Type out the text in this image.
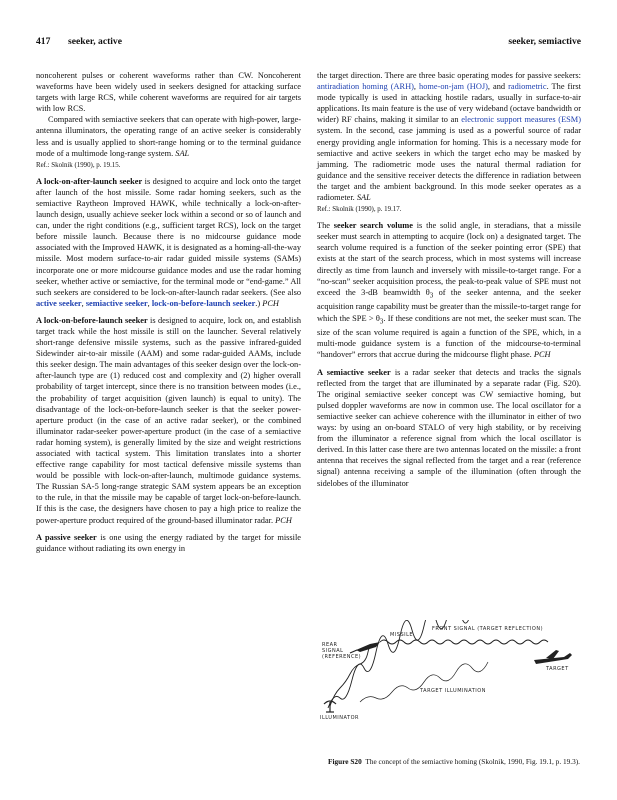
417 seeker, active	seeker, semiactive

noncoherent pulses or coherent waveforms rather than CW. Noncoherent waveforms have been widely used in seekers designed for attacking surface targets with large RCS, while coherent waveforms are required for air targets with low RCS.

Compared with semiactive seekers that can operate with high-power, large-antenna illuminators, the operating range of an active seeker is considerably less and is usually applied to short-range homing or to the terminal guidance mode of a multimode long-range system. SAL

Ref.: Skolnik (1990), p. 19.15.

A lock-on-after-launch seeker is designed to acquire and lock onto the target after launch of the host missile. Some radar homing seekers, such as the semiactive Raytheon Improved HAWK, while technically a lock-on-after-launch design, usually achieve seeker lock within a second or so of launch and can, under the right conditions (e.g., sufficient target RCS), lock on the target before missile launch. Because there is no midcourse guidance mode associated with the Improved HAWK, it is designated as a homing-all-the-way missile. Most modern surface-to-air radar guided missile systems (SAMs) incorporate one or more midcourse guidance modes and use the radar homing seeker, whether active or semiactive, for the terminal mode or “end-game.” All such seekers are considered to be lock-on-after-launch radar seekers. (See also active seeker, semiactive seeker, lock-on-before-launch seeker.) PCH

A lock-on-before-launch seeker is designed to acquire, lock on, and establish target track while the host missile is still on the launcher. Several relatively short-range defensive missile systems, such as the passive infrared-guided Sidewinder air-to-air missile (AAM) and some radar-guided AAMs, include this seeker design. The main advantages of this seeker design over the lock-on-after-launch type are (1) reduced cost and complexity and (2) higher overall probability of target intercept, since there is no transition between modes (i.e., the probability of target acquisition (given launch) is equal to unity). The disadvantage of the lock-on-before-launch seeker is that the seeker power-aperture product (in the case of an active radar seeker), or the combined illuminator radar-seeker power-aperture product (in the case of a semiactive radar homing system), is generally limited by the size and weight restrictions associated with tactical system. This limitation translates into a shorter effective range capability for most tactical defensive missile systems than would be possible with lock-on-after-launch, multimode guidance systems. The Russian SA-5 long-range strategic SAM system appears be an exception to the rule, in that the missile may be capable of target lock-on-before-launch. If this is the case, the designers have chosen to pay a high price to realize the power-aperture product required of the ground-based illuminator radar. PCH

A passive seeker is one using the energy radiated by the target for missile guidance without radiating its own energy in

the target direction. There are three basic operating modes for passive seekers: antiradiation homing (ARH), home-on-jam (HOJ), and radiometric. The first mode typically is used in attacking hostile radars, usually in surface-to-air applications. Its main feature is the use of very wideband (octave bandwidth or wider) RF chains, making it similar to an electronic support measures (ESM) system. In the second, case jamming is used as a powerful source of radar energy providing angle information for homing. This is a necessary mode for semiactive and active seekers in which the target echo may be masked by jamming. The radiometric mode uses the natural thermal radiation for guidance and the sensitive receiver detects the difference in radiation between the target and the ambient background. In this mode seeker operates as a radiometer. SAL

Ref.: Skolnik (1990), p. 19.17.

The seeker search volume is the solid angle, in steradians, that a missile seeker must search in attempting to acquire (lock on) a designated target. The search volume required is a function of the seeker pointing error (SPE) that exists at the start of the search process, which in most systems will increase directly as time from launch and inversely with missile-to-target range. For a “no-scan” seeker acquisition process, the peak-to-peak value of SPE must not exceed the 3-dB beamwidth $\theta_3$ of the seeker antenna, and the seeker acquisition range capability must be greater than the missile-to-target range for which the SPE > $\theta_3$. If these conditions are not met, the seeker must scan. The size of the scan volume required is again a function of the SPE, which, in a multi-mode guidance system is a function of the midcourse-to-terminal “handover” errors that accrue during the midcourse flight phase. PCH

A semiactive seeker is a radar seeker that detects and tracks the signals reflected from the target that are illuminated by a separate radar (Fig. S20). The original semiactive seeker concept was CW semiactive homing, but pulsed doppler waveforms are now in common use. The local oscillator for a semiactive seeker can achieve coherence with the illuminator in either of two ways: by using an on-board STALO of very high stability, or by receiving from the illuminator a reference signal from which the local oscillator is derived. In this latter case there are two antennas located on the missile: a front antenna that receives the signal reflected from the target and a rear (reference signal) antenna receiving a sample of the illumination (often through the sidelobes of the illuminator

FRONT SIGNAL (TARGET REFLECTION)
MISSILE
REAR
SIGNAL
(REFERENCE)
TARGET
TARGET ILLUMINATION
ILLUMINATOR
Figure S20 The concept of the semiactive homing (Skolnik, 1990, Fig. 19.1, p. 19.3).
